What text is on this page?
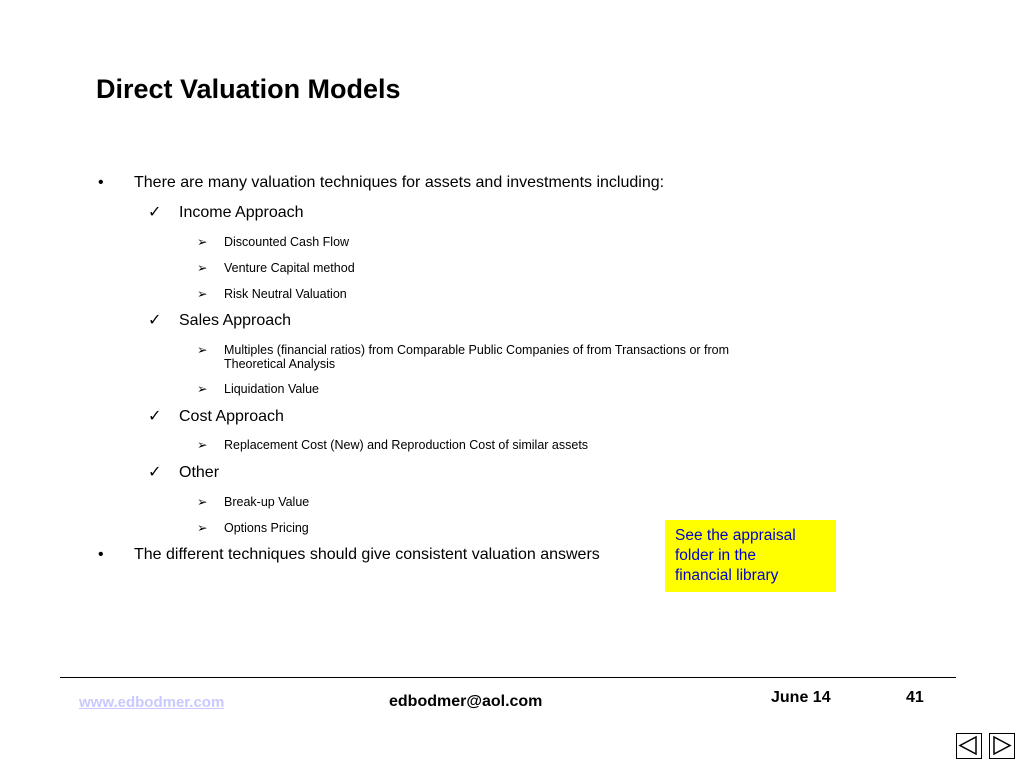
Direct Valuation Models
• There are many valuation techniques for assets and investments including:
✓ Income Approach
➢ Discounted Cash Flow
➢ Venture Capital method
➢ Risk Neutral Valuation
✓ Sales Approach
➢ Multiples (financial ratios) from Comparable Public Companies of from Transactions or from
Theoretical Analysis
➢ Liquidation Value
✓ Cost Approach
➢ Replacement Cost (New) and Reproduction Cost of similar assets
✓ Other
➢ Break-up Value
➢ Options Pricing
• The different techniques should give consistent valuation answers
See the appraisal
folder in the
financial library
www.edbodmer.com	edbodmer@aol.com	June 14	41
